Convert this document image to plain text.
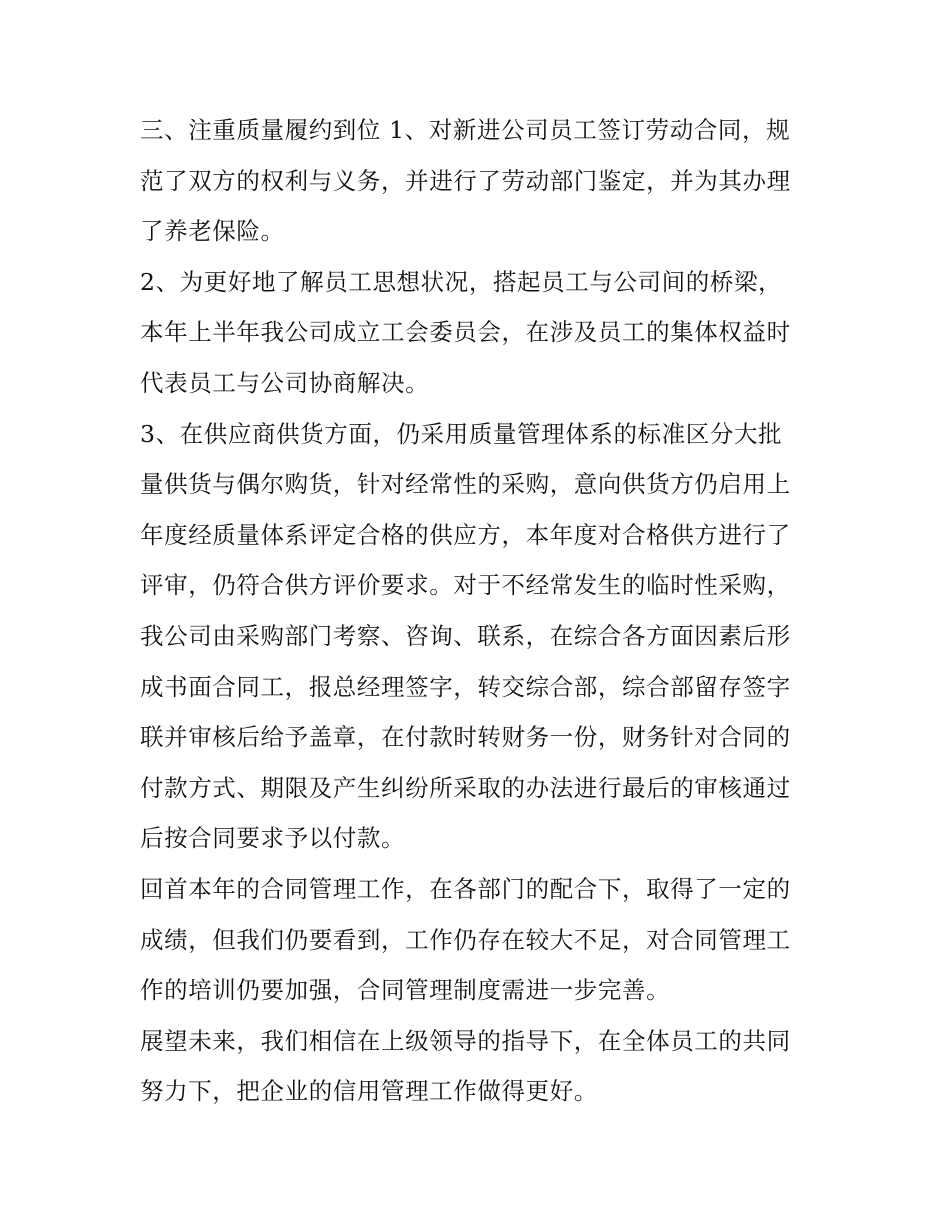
三、注重质量履约到位 1、对新进公司员工签订劳动合同，规
范了双方的权利与义务，并进行了劳动部门鉴定，并为其办理
了养老保险。

2、为更好地了解员工思想状况，搭起员工与公司间的桥梁，
本年上半年我公司成立工会委员会，在涉及员工的集体权益时
代表员工与公司协商解决。

3、在供应商供货方面，仍采用质量管理体系的标准区分大批
量供货与偶尔购货，针对经常性的采购，意向供货方仍启用上
年度经质量体系评定合格的供应方，本年度对合格供方进行了
评审，仍符合供方评价要求。对于不经常发生的临时性采购，
我公司由采购部门考察、咨询、联系，在综合各方面因素后形
成书面合同工，报总经理签字，转交综合部，综合部留存签字
联并审核后给予盖章，在付款时转财务一份，财务针对合同的
付款方式、期限及产生纠纷所采取的办法进行最后的审核通过
后按合同要求予以付款。

回首本年的合同管理工作，在各部门的配合下，取得了一定的
成绩，但我们仍要看到，工作仍存在较大不足，对合同管理工
作的培训仍要加强，合同管理制度需进一步完善。

展望未来，我们相信在上级领导的指导下，在全体员工的共同
努力下，把企业的信用管理工作做得更好。
